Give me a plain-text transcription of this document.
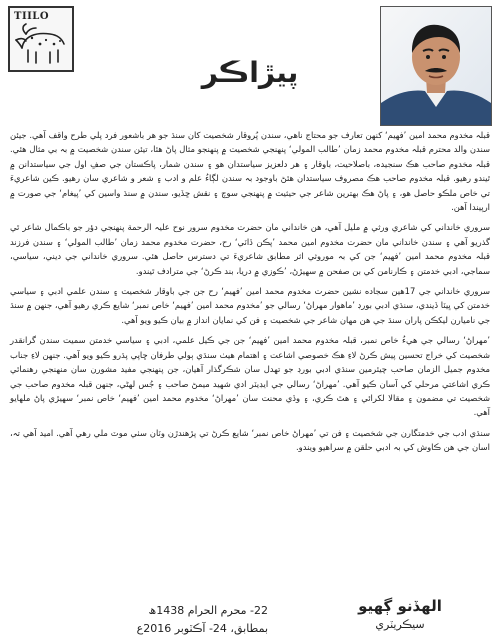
TIILO
پيڙاڪر

قبلہ مخدوم محمد امين ’فهيم‘ کنهن تعارف جو محتاج ناهي، سندن پُروقار شخصيت کان سنڌ جو هر باشعور فرد پلي طرح واقف آهي. جيئن سندن والد محترم قبلہ مخدوم محمد زمان ’طالب المولي‘ پنهنجي شخصيت ۾ پنهنجو مثال پاڻ هئا، تيئن سندن شخصيت ۾ بہ بي مثال هئي. قبلہ مخدوم صاحب هڪ سنجيده، باصلاحيت، باوقار ۽ هر دلعزيز سياستدان هو ۽ سندن شمار، پاڪستان جي صفِ اول جي سياستدانن ۾ ٿيندو رهيو. قبلہ مخدوم صاحب هڪ مصروف سياستدان هئڻ باوجود بہ سندن لڳاءُ علم و ادب ۽ شعر و شاعري سان رهيو. ڪين شاعريءَ تي خاص ملڪو حاصل هو، ۽ پاڻ هڪ بهترين شاعر جي حيثيت ۾ پنهنجي سوچ ۽ نقش ڇڏيو، سندن ۾ سنڌ واسين کي ’پيغام‘ جي صورت ۾ ارپيندا آهن.

سروري خانداني کي شاعري ورثي ۾ مليل آهي، هن خانداني مان حضرت مخدوم سرور نوح عليہ الرحمة پنهنجي دؤر جو باڪمال شاعر ٿي گذريو آهي ۽ سندن خانداني مان حضرت مخدوم امين محمد ’پڪن ڏاٽي‘ رح، حضرت مخدوم محمد زمان ’طالب المولي‘ ۽ سندن فرزند قبلہ مخدوم محمد امين ’فهيم‘ جن کي بہ موروثي اثر مطابق شاعريءَ تي دسترس حاصل هئي. سروري خانداني جي ديني، سياسي، سماجي، ادبي خدمتن ۽ ڪارنامن کي بن صفحن ۾ سهيڙڻ، ’ڪوزي ۾ دريا، بند ڪرڻ‘ جي مترادف ٿيندو.

سروري خانداني جي 17هين سجاده نشين حضرت مخدوم محمد امين ’فهيم‘ رح جن جي باوقار شخصيت ۽ سندن علمي ادبي ۽ سياسي خدمتن کي ڀيٽا ڏيندي، سنڌي ادبي بورڊ ’ماهوار مهراڻ‘ رسالي جو ’مخدوم محمد امين ’فهيم‘ خاص نمبر‘ شايع ڪري رهيو آهي، جنهن ۾ سنڌ جي ناميارن ليکڪن پاران سنڌ جي هن مهان شاعر جي شخصيت ۽ فن کي نمايان انداز ۾ بيان ڪيو ويو آهي.

’مهراڻ‘ رسالي جي هيءُ خاص نمبر، قبلہ مخدوم محمد امين ’فهيم‘ جن جي ڪيل علمي، ادبي ۽ سياسي خدمتن سميت سندن گرانقدر شخصيت کي خراج تحسين پيش ڪرڻ لاءِ هڪ خصوصي اشاعت ۽ اهتمام هيٺ سنڌي ٻولي طرفان ڇاپي پڌرو ڪيو ويو آهي. جنهن لاءِ جناب مخدوم جميل الزمان صاحب چيئرمين سنڌي ادبي بورڊ جو تهدل سان شڪرگذار آهيان، جن پنهنجي مفيد مشورن سان منهنجي رهنمائي ڪري اشاعتي مرحلي کي آسان ڪيو آهي. ’مهراڻ‘ رسالي جي ايڊيٽر ادي شهيد ميمڻ صاحب ۽ جُس لهڻي، جنهن قبلہ مخدوم صاحب جي شخصيت تي مضمون ۽ مقالا لکرائي ۽ هٿ ڪري، ۽ وڏي محنت سان ’مهراڻ‘ مخدوم محمد امين ’فهيم‘ خاص نمبر‘ سهيڙي پاڻ ملهايو آهي.

سنڌي ادب جي خدمتگارن جي شخصيت ۽ فن تي ’مهراڻ خاص نمبر‘ شايع ڪرڻ تي پڙهندڙن وٽان سٺي موٽ ملي رهي آهي. اميد آهي تہ، اسان جي هن ڪاوش کي بہ ادبي حلقن ۾ سراهيو ويندو.

22- محرم الحرام 1438ھ
بمطابق، 24- آڪٽوبر 2016ع
الهڏنو ڳهيو
سيڪريٽري
